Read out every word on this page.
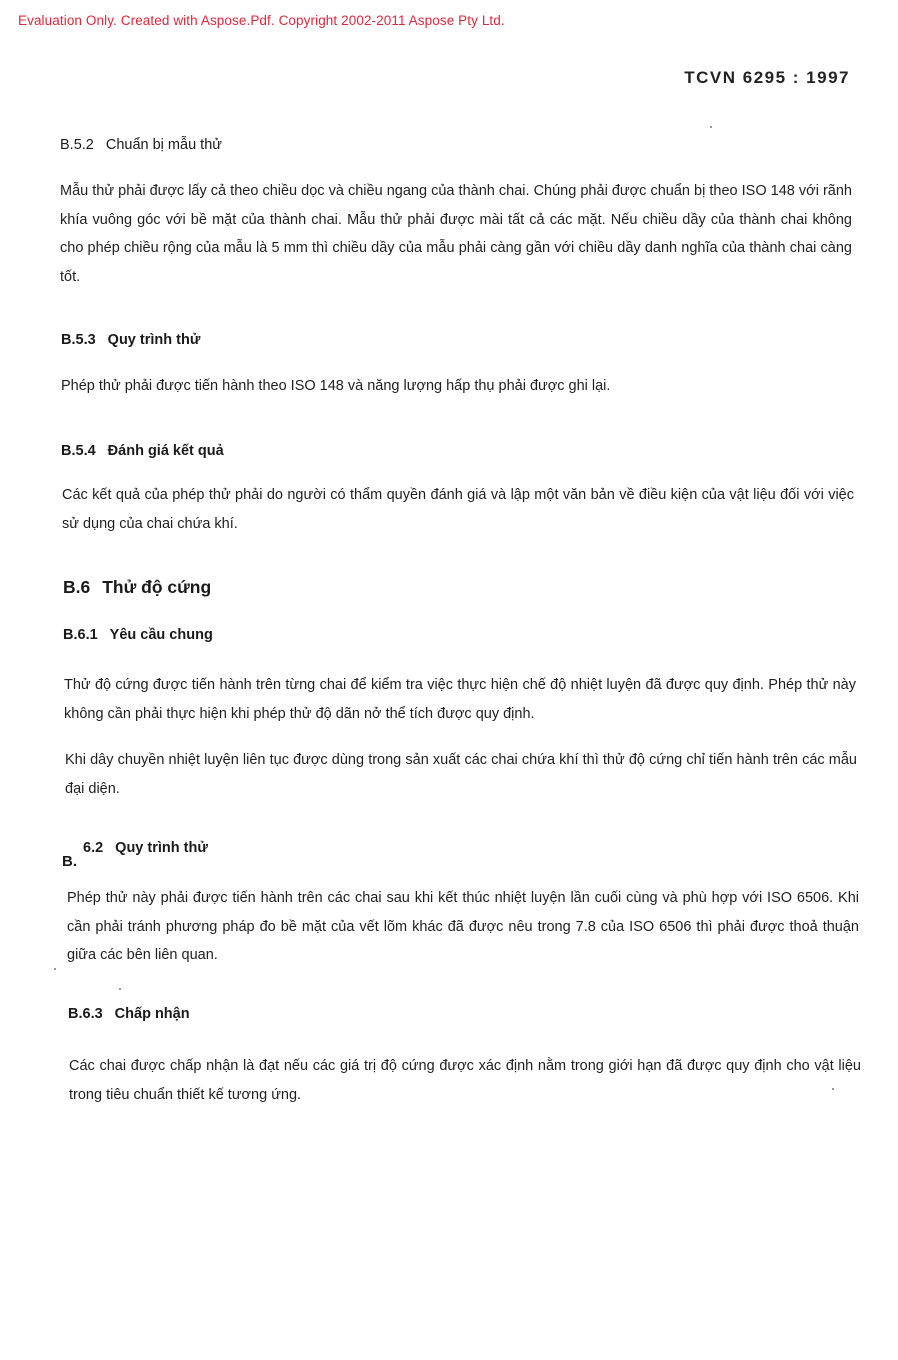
Evaluation Only. Created with Aspose.Pdf. Copyright 2002-2011 Aspose Pty Ltd.
TCVN 6295 : 1997
B.5.2 Chuẩn bị mẫu thử
Mẫu thử phải được lấy cả theo chiều dọc và chiều ngang của thành chai. Chúng phải được chuẩn bị theo ISO 148 với rãnh khía vuông góc với bề mặt của thành chai. Mẫu thử phải được mài tất cả các mặt. Nếu chiều dầy của thành chai không cho phép chiều rộng của mẫu là 5 mm thì chiều dầy của mẫu phải càng gần với chiều dầy danh nghĩa của thành chai càng tốt.
B.5.3 Quy trình thử
Phép thử phải được tiến hành theo ISO 148 và năng lượng hấp thụ phải được ghi lại.
B.5.4 Đánh giá kết quả
Các kết quả của phép thử phải do người có thẩm quyền đánh giá và lập một văn bản về điều kiện của vật liệu đối với việc sử dụng của chai chứa khí.
B.6 Thử độ cứng
B.6.1 Yêu cầu chung
Thử độ cứng được tiến hành trên từng chai để kiểm tra việc thực hiện chế độ nhiệt luyện đã được quy định. Phép thử này không cần phải thực hiện khi phép thử độ dãn nở thể tích được quy định.
Khi dây chuyền nhiệt luyện liên tục được dùng trong sản xuất các chai chứa khí thì thử độ cứng chỉ tiến hành trên các mẫu đại diện.
B.
6.2 Quy trình thử
Phép thử này phải được tiến hành trên các chai sau khi kết thúc nhiệt luyện lần cuối cùng và phù hợp với ISO 6506. Khi cần phải tránh phương pháp đo bề mặt của vết lõm khác đã được nêu trong 7.8 của ISO 6506 thì phải được thoả thuận giữa các bên liên quan.
B.6.3 Chấp nhận
Các chai được chấp nhận là đạt nếu các giá trị độ cứng được xác định nằm trong giới hạn đã được quy định cho vật liệu trong tiêu chuẩn thiết kế tương ứng.
